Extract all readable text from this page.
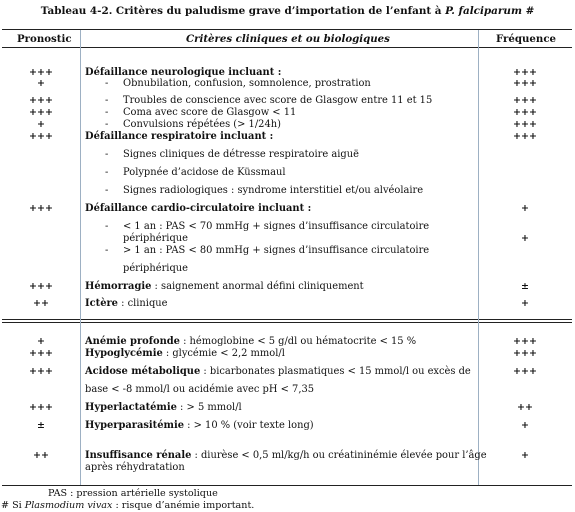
Tableau 4-2. Critères du paludisme grave d’importation de l’enfant à P. falciparum #
Pronostic	Critères cliniques et ou biologiques	Fréquence
+++	Défaillance neurologique incluant :	+++
+	- Obnubilation, confusion, somnolence, prostration	+++
+++	- Troubles de conscience avec score de Glasgow entre 11 et 15	+++
+++	- Coma avec score de Glasgow < 11	+++
+	- Convulsions répétées (> 1/24h)	+++
+++	Défaillance respiratoire incluant :	+++
- Signes cliniques de détresse respiratoire aiguë
- Polypnée d’acidose de Küssmaul
- Signes radiologiques : syndrome interstitiel et/ou alvéolaire
+++	Défaillance cardio-circulatoire incluant :	+
- < 1 an : PAS < 70 mmHg + signes d’insuffisance circulatoire
périphérique	+
- > 1 an : PAS < 80 mmHg + signes d’insuffisance circulatoire
périphérique
+++	Hémorragie : saignement anormal défini cliniquement	±
++	Ictère : clinique	+
+	Anémie profonde : hémoglobine < 5 g/dl ou hématocrite < 15 %	+++
+++	Hypoglycémie : glycémie < 2,2 mmol/l	+++
+++	Acidose métabolique : bicarbonates plasmatiques < 15 mmol/l ou excès de	+++
base < -8 mmol/l ou acidémie avec pH < 7,35
+++	Hyperlactatémie : > 5 mmol/l	++
±	Hyperparasitémie : > 10 % (voir texte long)	+
++	Insuffisance rénale : diurèse < 0,5 ml/kg/h ou créatininémie élevée pour l’âge	+
après réhydratation
PAS : pression artérielle systolique
# Si Plasmodium vivax : risque d’anémie important.
